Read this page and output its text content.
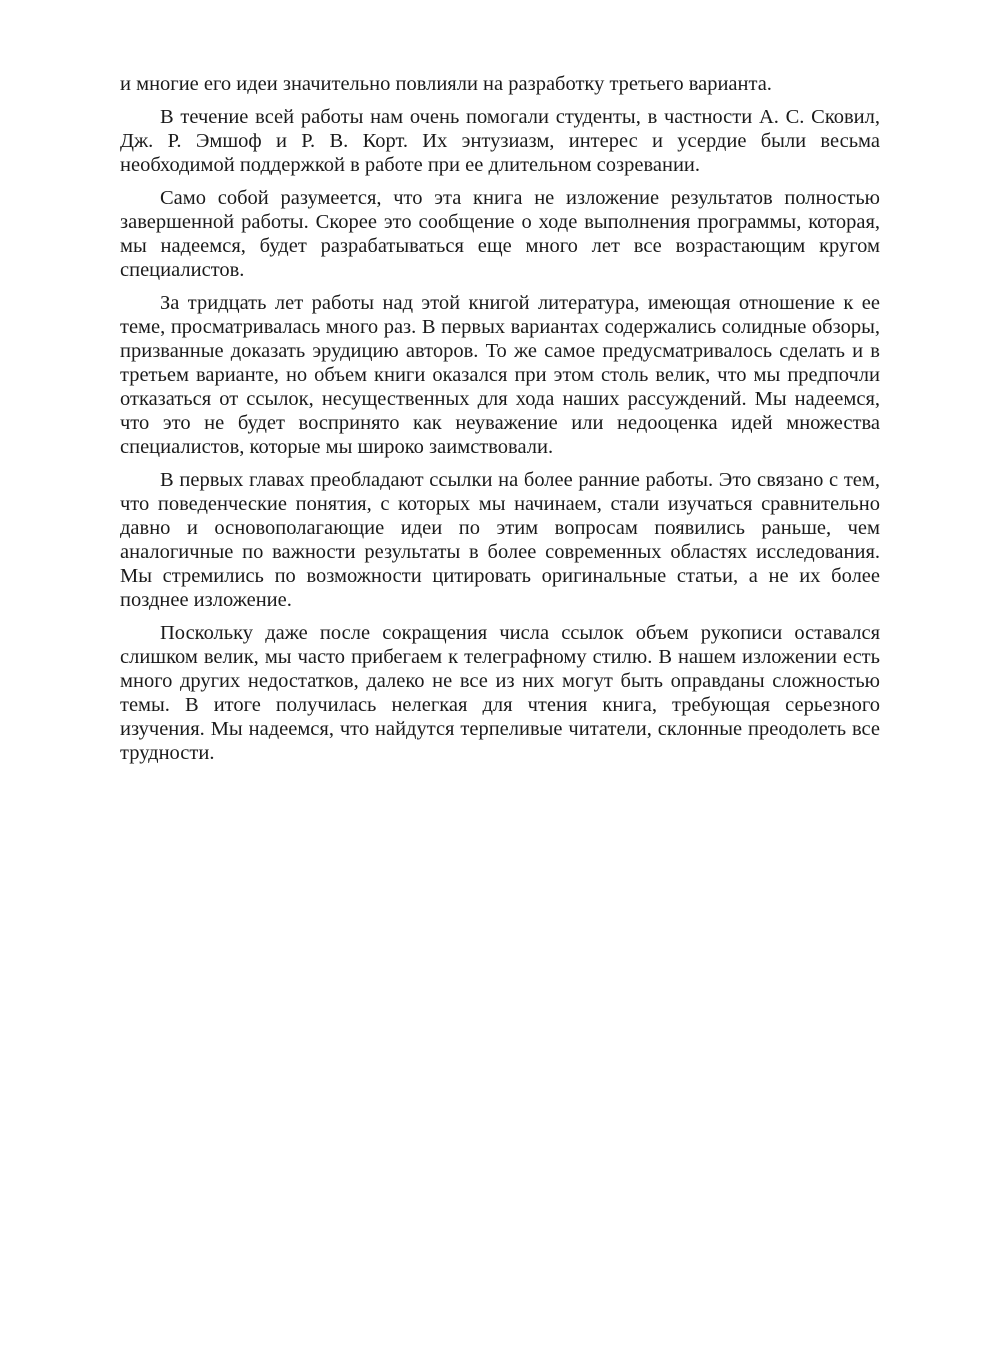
и многие его идеи значительно повлияли на разработку третьего варианта.

В течение всей работы нам очень помогали студенты, в частности А. С. Сковил, Дж. Р. Эмшоф и Р. В. Корт. Их энтузиазм, интерес и усердие были весьма необходимой поддержкой в работе при ее длительном созревании.

Само собой разумеется, что эта книга не изложение результатов полностью завершенной работы. Скорее это сообщение о ходе выполнения программы, которая, мы надеемся, будет разрабатываться еще много лет все возрастающим кругом специалистов.

За тридцать лет работы над этой книгой литература, имеющая отношение к ее теме, просматривалась много раз. В первых вариантах содержались солидные обзоры, призванные доказать эрудицию авторов. То же самое предусматривалось сделать и в третьем варианте, но объем книги оказался при этом столь велик, что мы предпочли отказаться от ссылок, несущественных для хода наших рассуждений. Мы надеемся, что это не будет воспринято как неуважение или недооценка идей множества специалистов, которые мы широко заимствовали.

В первых главах преобладают ссылки на более ранние работы. Это связано с тем, что поведенческие понятия, с которых мы начинаем, стали изучаться сравнительно давно и основополагающие идеи по этим вопросам появились раньше, чем аналогичные по важности результаты в более современных областях исследования. Мы стремились по возможности цитировать оригинальные статьи, а не их более позднее изложение.

Поскольку даже после сокращения числа ссылок объем рукописи оставался слишком велик, мы часто прибегаем к телеграфному стилю. В нашем изложении есть много других недостатков, далеко не все из них могут быть оправданы сложностью темы. В итоге получилась нелегкая для чтения книга, требующая серьезного изучения. Мы надеемся, что найдутся терпеливые читатели, склонные преодолеть все трудности.
